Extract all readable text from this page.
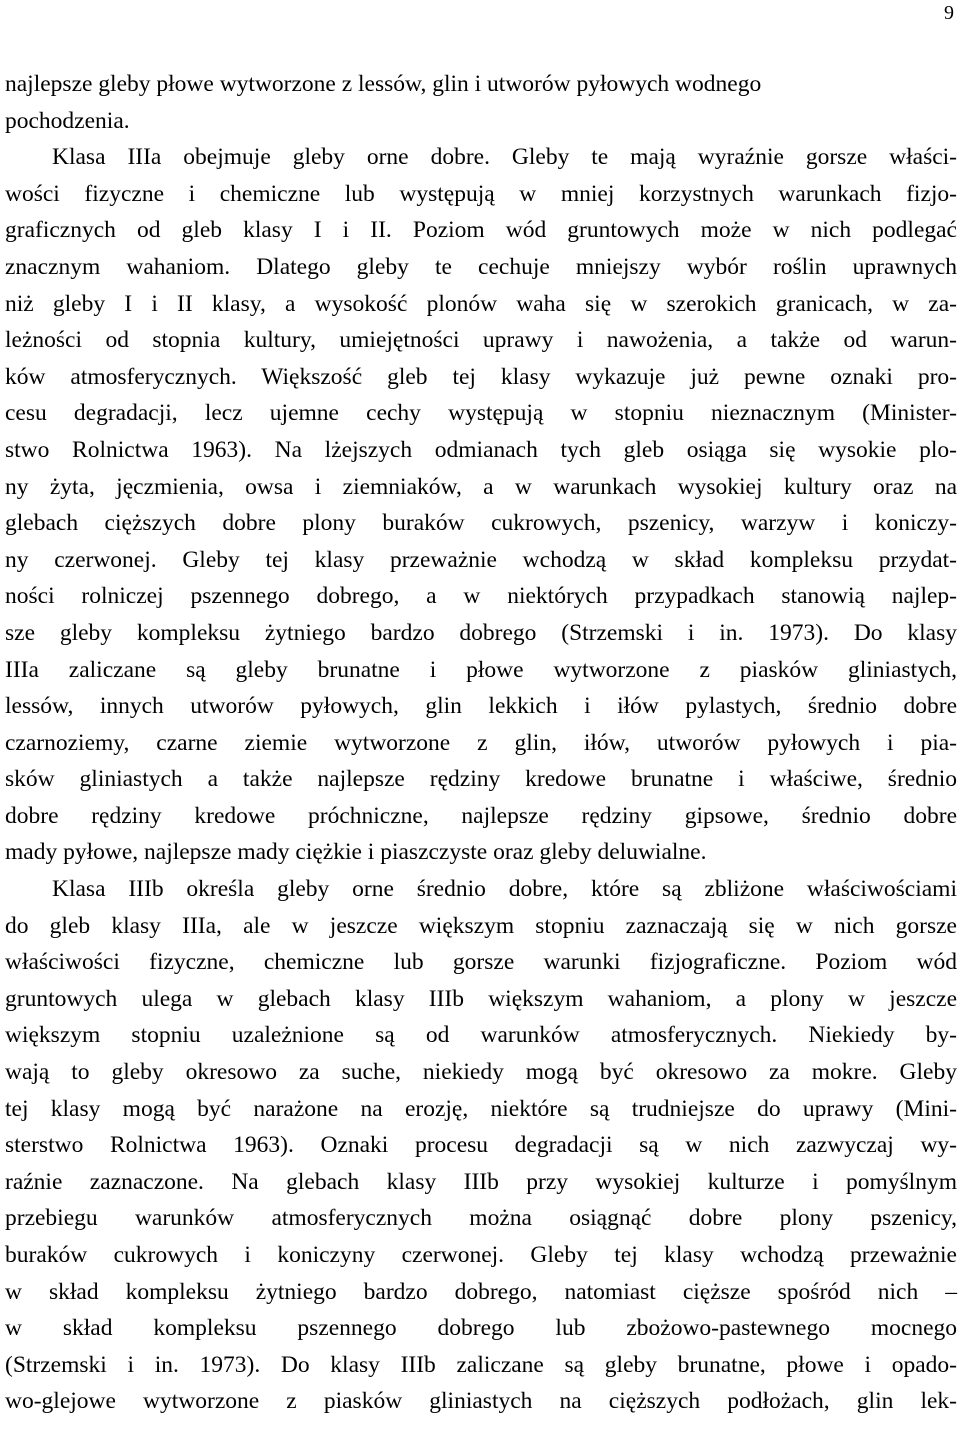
9
najlepsze gleby płowe wytworzone z lessów, glin i utworów pyłowych wodnego
pochodzenia.
Klasa IIIa obejmuje gleby orne dobre. Gleby te mają wyraźnie gorsze właści-
wości fizyczne i chemiczne lub występują w mniej korzystnych warunkach fizjo-
graficznych od gleb klasy I i II. Poziom wód gruntowych może w nich podlegać
znacznym wahaniom. Dlatego gleby te cechuje mniejszy wybór roślin uprawnych
niż gleby I i II klasy, a wysokość plonów waha się w szerokich granicach, w za-
leżności od stopnia kultury, umiejętności uprawy i nawożenia, a także od warun-
ków atmosferycznych. Większość gleb tej klasy wykazuje już pewne oznaki pro-
cesu degradacji, lecz ujemne cechy występują w stopniu nieznacznym (Minister-
stwo Rolnictwa 1963). Na lżejszych odmianach tych gleb osiąga się wysokie plo-
ny żyta, jęczmienia, owsa i ziemniaków, a w warunkach wysokiej kultury oraz na
glebach cięższych dobre plony buraków cukrowych, pszenicy, warzyw i koniczy-
ny czerwonej. Gleby tej klasy przeważnie wchodzą w skład kompleksu przydat-
ności rolniczej pszennego dobrego, a w niektórych przypadkach stanowią najlep-
sze gleby kompleksu żytniego bardzo dobrego (Strzemski i in. 1973). Do klasy
IIIa zaliczane są gleby brunatne i płowe wytworzone z piasków gliniastych,
lessów, innych utworów pyłowych, glin lekkich i iłów pylastych, średnio dobre
czarnoziemy, czarne ziemie wytworzone z glin, iłów, utworów pyłowych i pia-
sków gliniastych a także najlepsze rędziny kredowe brunatne i właściwe, średnio
dobre rędziny kredowe próchniczne, najlepsze rędziny gipsowe, średnio dobre
mady pyłowe, najlepsze mady ciężkie i piaszczyste oraz gleby deluwialne.
Klasa IIIb określa gleby orne średnio dobre, które są zbliżone właściwościami
do gleb klasy IIIa, ale w jeszcze większym stopniu zaznaczają się w nich gorsze
właściwości fizyczne, chemiczne lub gorsze warunki fizjograficzne. Poziom wód
gruntowych ulega w glebach klasy IIIb większym wahaniom, a plony w jeszcze
większym stopniu uzależnione są od warunków atmosferycznych. Niekiedy by-
wają to gleby okresowo za suche, niekiedy mogą być okresowo za mokre. Gleby
tej klasy mogą być narażone na erozję, niektóre są trudniejsze do uprawy (Mini-
sterstwo Rolnictwa 1963). Oznaki procesu degradacji są w nich zazwyczaj wy-
raźnie zaznaczone. Na glebach klasy IIIb przy wysokiej kulturze i pomyślnym
przebiegu warunków atmosferycznych można osiągnąć dobre plony pszenicy,
buraków cukrowych i koniczyny czerwonej. Gleby tej klasy wchodzą przeważnie
w skład kompleksu żytniego bardzo dobrego, natomiast cięższe spośród nich –
w skład kompleksu pszennego dobrego lub zbożowo-pastewnego mocnego
(Strzemski i in. 1973). Do klasy IIIb zaliczane są gleby brunatne, płowe i opado-
wo-glejowe wytworzone z piasków gliniastych na cięższych podłożach, glin lek-
